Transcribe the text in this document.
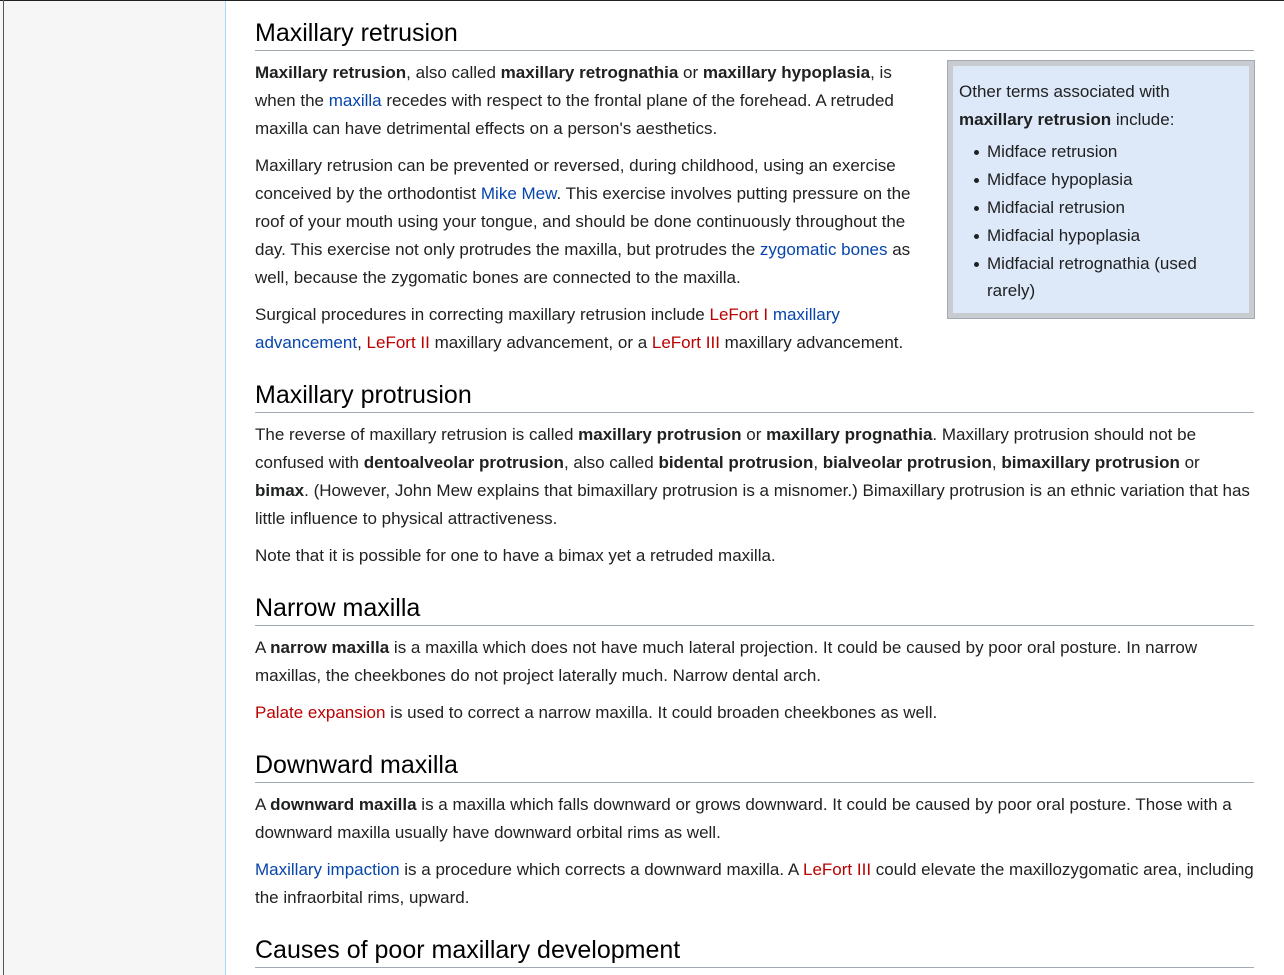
Maxillary retrusion
Other terms associated with maxillary retrusion include:
Midface retrusion
Midface hypoplasia
Midfacial retrusion
Midfacial hypoplasia
Midfacial retrognathia (used rarely)

Maxillary retrusion, also called maxillary retrognathia or maxillary hypoplasia, is when the maxilla recedes with respect to the frontal plane of the forehead. A retruded maxilla can have detrimental effects on a person's aesthetics.

Maxillary retrusion can be prevented or reversed, during childhood, using an exercise conceived by the orthodontist Mike Mew. This exercise involves putting pressure on the roof of your mouth using your tongue, and should be done continuously throughout the day. This exercise not only protrudes the maxilla, but protrudes the zygomatic bones as well, because the zygomatic bones are connected to the maxilla.

Surgical procedures in correcting maxillary retrusion include LeFort I maxillary advancement, LeFort II maxillary advancement, or a LeFort III maxillary advancement.

Maxillary protrusion

The reverse of maxillary retrusion is called maxillary protrusion or maxillary prognathia. Maxillary protrusion should not be confused with dentoalveolar protrusion, also called bidental protrusion, bialveolar protrusion, bimaxillary protrusion or bimax. (However, John Mew explains that bimaxillary protrusion is a misnomer.) Bimaxillary protrusion is an ethnic variation that has little influence to physical attractiveness.

Note that it is possible for one to have a bimax yet a retruded maxilla.

Narrow maxilla

A narrow maxilla is a maxilla which does not have much lateral projection. It could be caused by poor oral posture. In narrow maxillas, the cheekbones do not project laterally much. Narrow dental arch.

Palate expansion is used to correct a narrow maxilla. It could broaden cheekbones as well.

Downward maxilla

A downward maxilla is a maxilla which falls downward or grows downward. It could be caused by poor oral posture. Those with a downward maxilla usually have downward orbital rims as well.

Maxillary impaction is a procedure which corrects a downward maxilla. A LeFort III could elevate the maxillozygomatic area, including the infraorbital rims, upward.

Causes of poor maxillary development
